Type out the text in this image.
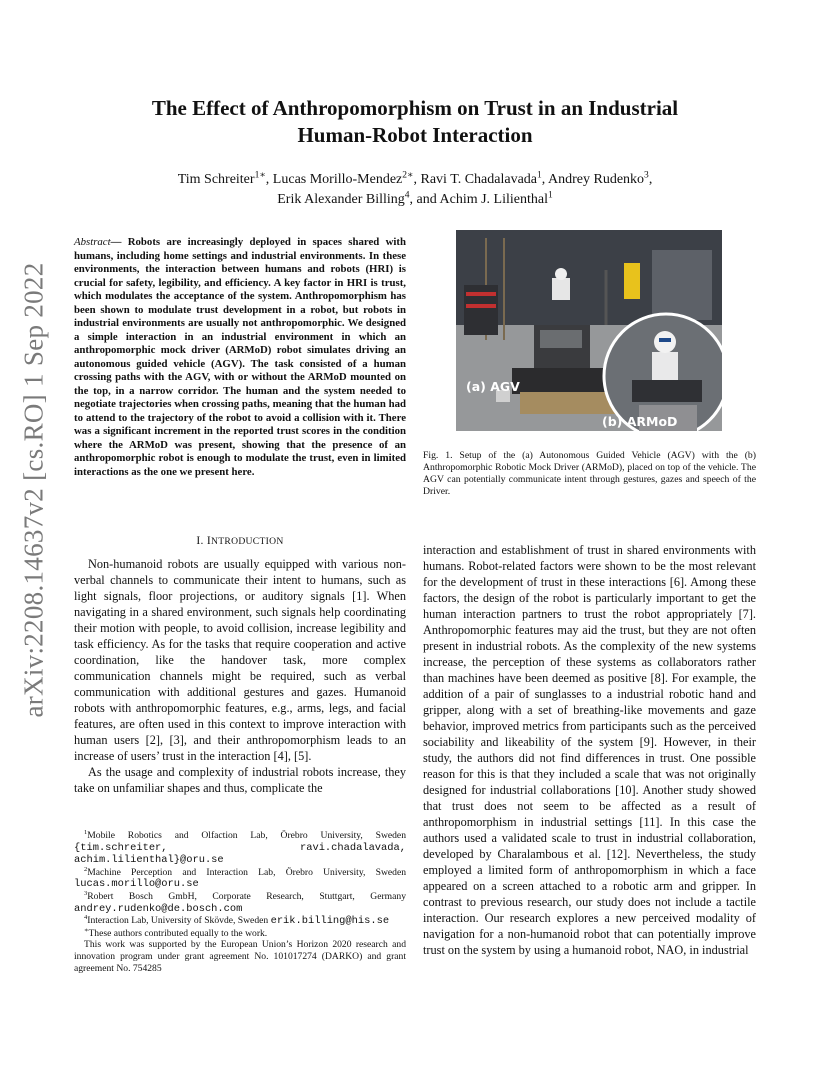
arXiv:2208.14637v2 [cs.RO] 1 Sep 2022
The Effect of Anthropomorphism on Trust in an Industrial
Human-Robot Interaction
Tim Schreiter$^{1∗}$, Lucas Morillo-Mendez$^{2∗}$, Ravi T. Chadalavada$^1$, Andrey Rudenko$^3$,
Erik Alexander Billing$^4$, and Achim J. Lilienthal$^1$

Abstract— Robots are increasingly deployed in spaces shared with humans, including home settings and industrial environments. In these environments, the interaction between humans and robots (HRI) is crucial for safety, legibility, and efficiency. A key factor in HRI is trust, which modulates the acceptance of the system. Anthropomorphism has been shown to modulate trust development in a robot, but robots in industrial environments are usually not anthropomorphic. We designed a simple interaction in an industrial environment in which an anthropomorphic mock driver (ARMoD) robot simulates driving an autonomous guided vehicle (AGV). The task consisted of a human crossing paths with the AGV, with or without the ARMoD mounted on the top, in a narrow corridor. The human and the system needed to negotiate trajectories when crossing paths, meaning that the human had to attend to the trajectory of the robot to avoid a collision with it. There was a significant increment in the reported trust scores in the condition where the ARMoD was present, showing that the presence of an anthropomorphic robot is enough to modulate the trust, even in limited interactions as the one we present here.

(a) AGV
(b) ARMoD
Fig. 1. Setup of the (a) Autonomous Guided Vehicle (AGV) with the (b) Anthropomorphic Robotic Mock Driver (ARMoD), placed on top of the vehicle. The AGV can potentially communicate intent through gestures, gazes and speech of the Driver.
I. INTRODUCTION

Non-humanoid robots are usually equipped with various non-verbal channels to communicate their intent to humans, such as light signals, floor projections, or auditory signals [1]. When navigating in a shared environment, such signals help coordinating their motion with people, to avoid collision, increase legibility and task efficiency. As for the tasks that require cooperation and active coordination, like the handover task, more complex communication channels might be required, such as verbal communication with additional gestures and gazes. Humanoid robots with anthropomorphic features, e.g., arms, legs, and facial features, are often used in this context to improve interaction with human users [2], [3], and their anthropomorphism leads to an increase of users’ trust in the interaction [4], [5].

As the usage and complexity of industrial robots increase, they take on unfamiliar shapes and thus, complicate the

$^1$Mobile Robotics and Olfaction Lab, Örebro University, Sweden {tim.schreiter, ravi.chadalavada, achim.lilienthal}@oru.se

$^2$Machine Perception and Interaction Lab, Örebro University, Sweden lucas.morillo@oru.se

$^3$Robert Bosch GmbH, Corporate Research, Stuttgart, Germany andrey.rudenko@de.bosch.com

$^4$Interaction Lab, University of Skövde, Sweden erik.billing@his.se

∗These authors contributed equally to the work.

This work was supported by the European Union’s Horizon 2020 research and innovation program under grant agreement No. 101017274 (DARKO) and grant agreement No. 754285

interaction and establishment of trust in shared environments with humans. Robot-related factors were shown to be the most relevant for the development of trust in these interactions [6]. Among these factors, the design of the robot is particularly important to get the human interaction partners to trust the robot appropriately [7]. Anthropomorphic features may aid the trust, but they are not often present in industrial robots. As the complexity of the new systems increase, the perception of these systems as collaborators rather than machines have been deemed as positive [8]. For example, the addition of a pair of sunglasses to a industrial robotic hand and gripper, along with a set of breathing-like movements and gaze behavior, improved metrics from participants such as the perceived sociability and likeability of the system [9]. However, in their study, the authors did not find differences in trust. One possible reason for this is that they included a scale that was not originally designed for industrial collaborations [10]. Another study showed that trust does not seem to be affected as a result of anthropomorphism in industrial settings [11]. In this case the authors used a validated scale to trust in industrial collaboration, developed by Charalambous et al. [12]. Nevertheless, the study employed a limited form of anthropomorphism in which a face appeared on a screen attached to a robotic arm and gripper. In contrast to previous research, our study does not include a tactile interaction. Our research explores a new perceived modality of navigation for a non-humanoid robot that can potentially improve trust on the system by using a humanoid robot, NAO, in industrial
